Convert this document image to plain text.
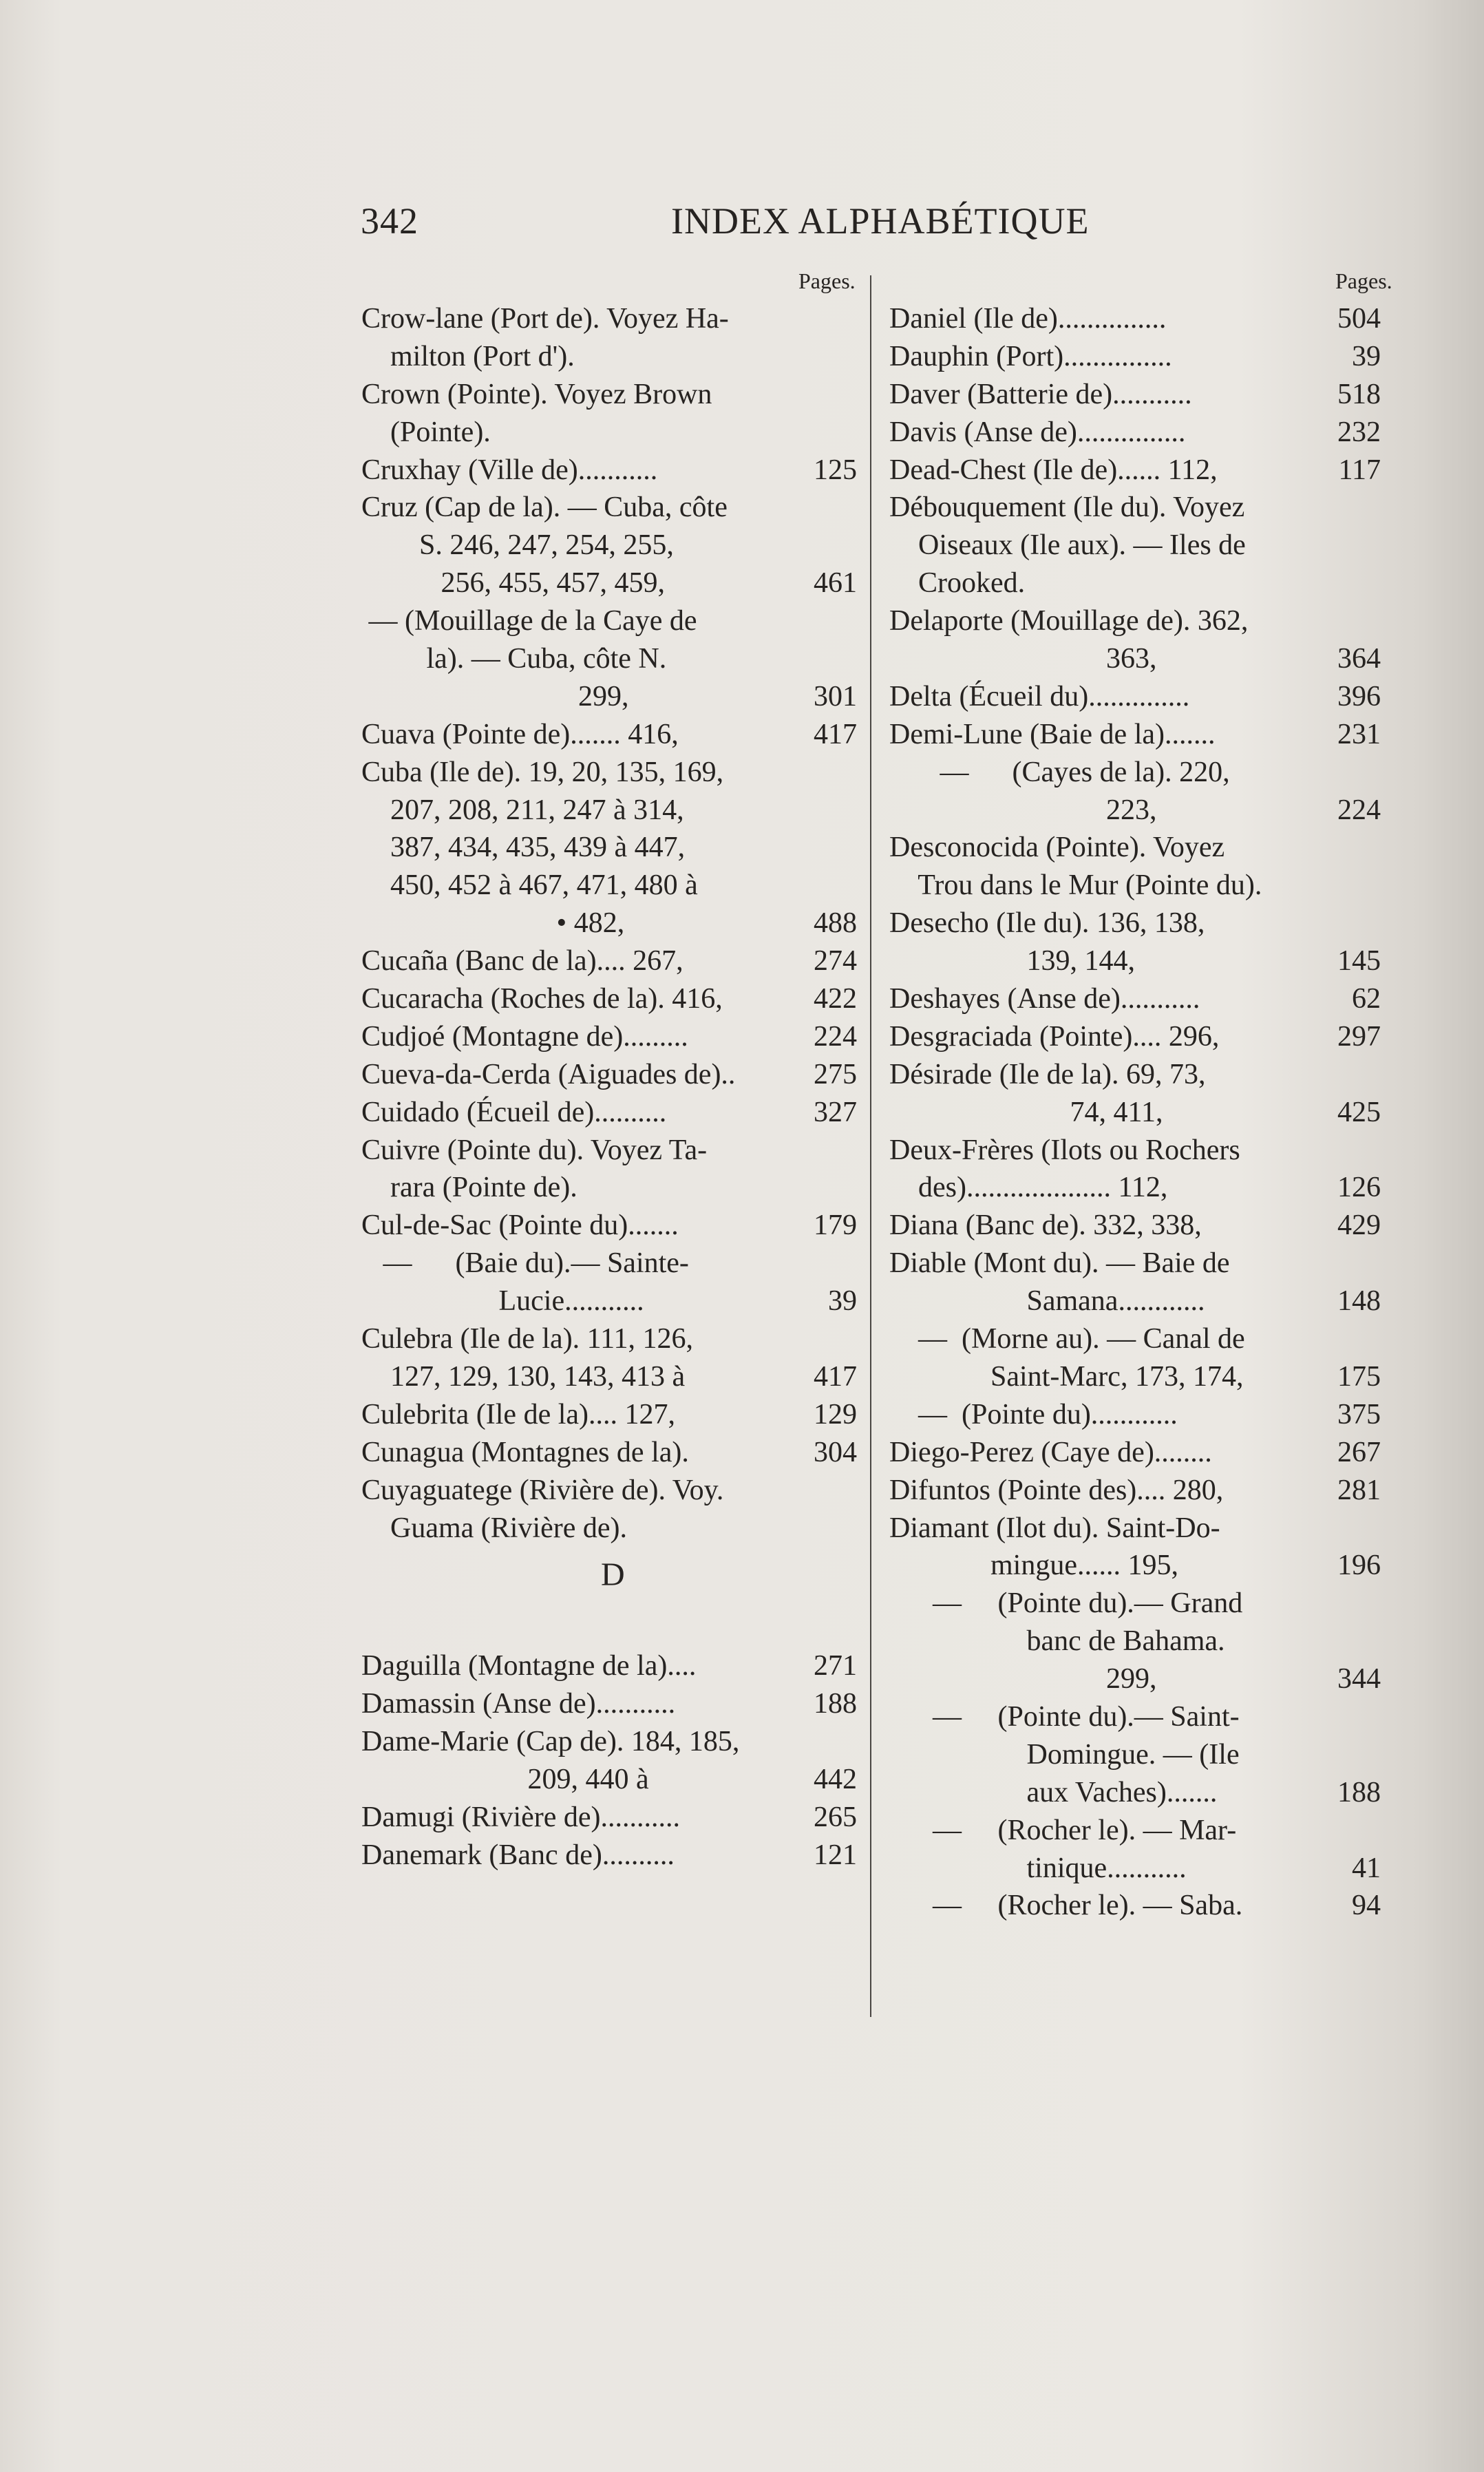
342	INDEX ALPHABÉTIQUE
Pages.	Pages.
Crow-lane (Port de). Voyez Ha-
milton (Port d').
Crown (Pointe). Voyez Brown
(Pointe).
Cruxhay (Ville de)...........	125
Cruz (Cap de la). — Cuba, côte
S. 246, 247, 254, 255,
256, 455, 457, 459,	461
— (Mouillage de la Caye de
la). — Cuba, côte N.
299,	301
Cuava (Pointe de)....... 416,	417
Cuba (Ile de). 19, 20, 135, 169,
207, 208, 211, 247 à 314,
387, 434, 435, 439 à 447,
450, 452 à 467, 471, 480 à
• 482,	488
Cucaña (Banc de la).... 267,	274
Cucaracha (Roches de la). 416,	422
Cudjoé (Montagne de).........	224
Cueva-da-Cerda (Aiguades de)..	275
Cuidado (Écueil de)..........	327
Cuivre (Pointe du). Voyez Ta-
rara (Pointe de).
Cul-de-Sac (Pointe du).......	179
—      (Baie du).— Sainte-
Lucie...........	39
Culebra (Ile de la). 111, 126,
127, 129, 130, 143, 413 à	417
Culebrita (Ile de la).... 127,	129
Cunagua (Montagnes de la).	304
Cuyaguatege (Rivière de). Voy.
Guama (Rivière de).
D
Daguilla (Montagne de la)....	271
Damassin (Anse de)...........	188
Dame-Marie (Cap de). 184, 185,
209, 440 à	442
Damugi (Rivière de)...........	265
Danemark (Banc de)..........	121
Daniel (Ile de)...............	504
Dauphin (Port)...............	39
Daver (Batterie de)...........	518
Davis (Anse de)...............	232
Dead-Chest (Ile de)...... 112,	117
Débouquement (Ile du). Voyez
Oiseaux (Ile aux). — Iles de
Crooked.
Delaporte (Mouillage de). 362,
363,	364
Delta (Écueil du)..............	396
Demi-Lune (Baie de la).......	231
—      (Cayes de la). 220,
223,	224
Desconocida (Pointe). Voyez
Trou dans le Mur (Pointe du).
Desecho (Ile du). 136, 138,
139, 144,	145
Deshayes (Anse de)...........	62
Desgraciada (Pointe).... 296,	297
Désirade (Ile de la). 69, 73,
74, 411,	425
Deux-Frères (Ilots ou Rochers
des).................... 112,	126
Diana (Banc de). 332, 338,	429
Diable (Mont du). — Baie de
Samana............	148
—  (Morne au). — Canal de
Saint-Marc, 173, 174,	175
—  (Pointe du)............	375
Diego-Perez (Caye de)........	267
Difuntos (Pointe des).... 280,	281
Diamant (Ilot du). Saint-Do-
mingue...... 195,	196
—     (Pointe du).— Grand
banc de Bahama.
299,	344
—     (Pointe du).— Saint-
Domingue. — (Ile
aux Vaches).......	188
—     (Rocher le). — Mar-
tinique...........	41
—     (Rocher le). — Saba.	94
